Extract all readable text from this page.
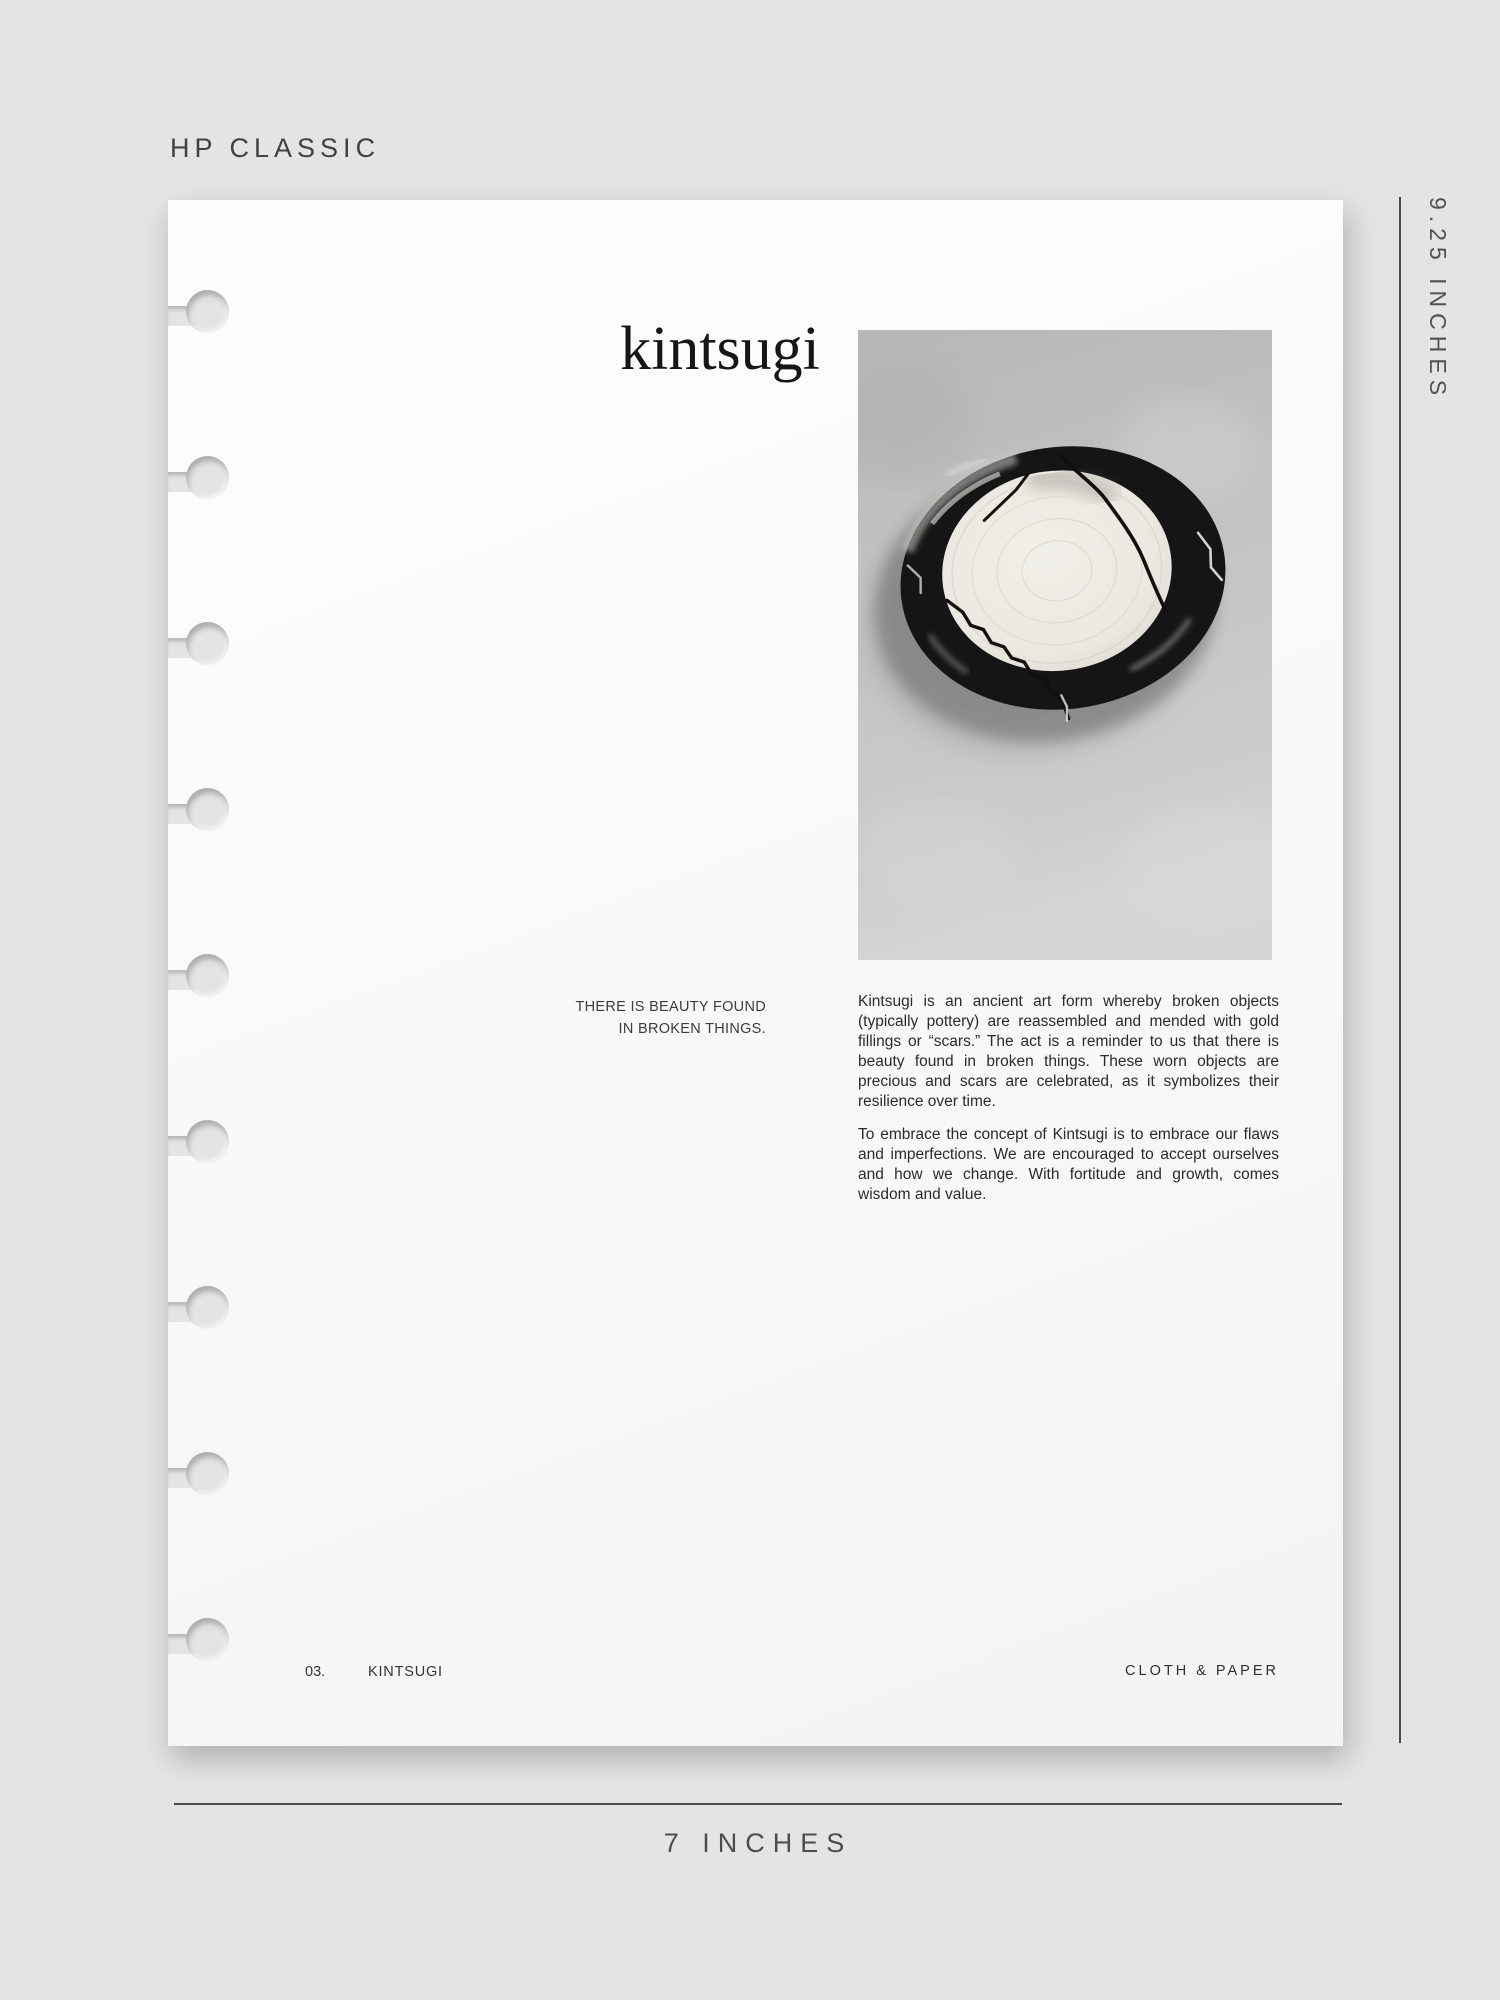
HP CLASSIC
kintsugi
THERE IS BEAUTY FOUND
IN BROKEN THINGS.

Kintsugi is an ancient art form whereby broken objects (typically pottery) are reassembled and mended with gold fillings or “scars.” The act is a reminder to us that there is beauty found in broken things. These worn objects are precious and scars are celebrated, as it symbolizes their resilience over time.

To embrace the concept of Kintsugi is to embrace our flaws and imperfections. We are encouraged to accept ourselves and how we change. With fortitude and growth, comes wisdom and value.

03.	KINTSUGI	CLOTH & PAPER
9.25 INCHES
7 INCHES
